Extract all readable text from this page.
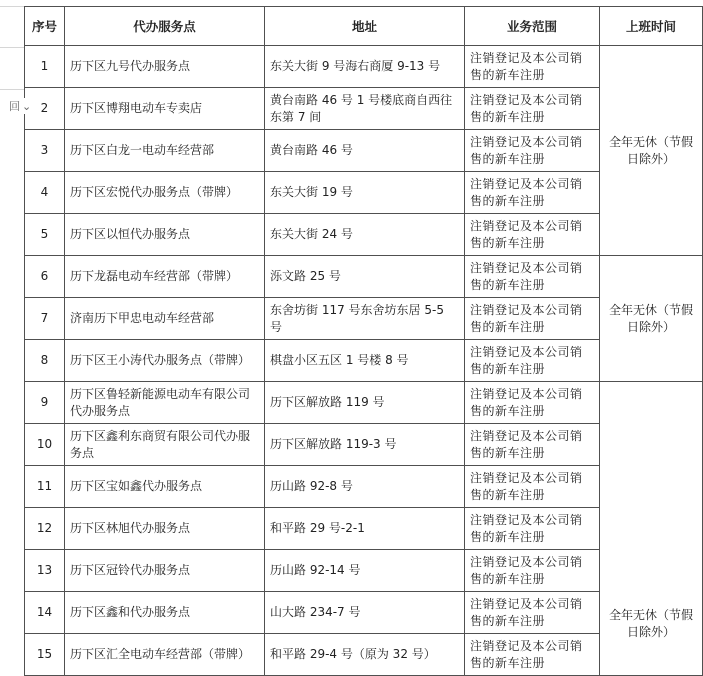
序号	代办服务点	地址	业务范围	上班时间
1	历下区九号代办服务点	东关大街 9 号海右商厦 9-13 号	注销登记及本公司销售的新车注册	全年无休（节假日除外）
2	历下区博翔电动车专卖店	黄台南路 46 号 1 号楼底商自西往东第 7 间	注销登记及本公司销售的新车注册	
3	历下区白龙一电动车经营部	黄台南路 46 号	注销登记及本公司销售的新车注册	
4	历下区宏悦代办服务点（带牌）	东关大街 19 号	注销登记及本公司销售的新车注册	
5	历下区以恒代办服务点	东关大街 24 号	注销登记及本公司销售的新车注册	
6	历下龙磊电动车经营部（带牌）	泺文路 25 号	注销登记及本公司销售的新车注册	全年无休（节假日除外）
7	济南历下甲忠电动车经营部	东舍坊街 117 号东舍坊东居 5-5 号	注销登记及本公司销售的新车注册	
8	历下区王小涛代办服务点（带牌）	棋盘小区五区 1 号楼 8 号	注销登记及本公司销售的新车注册	
9	历下区鲁轻新能源电动车有限公司代办服务点	历下区解放路 119 号	注销登记及本公司销售的新车注册	全年无休（节假日除外）
10	历下区鑫利东商贸有限公司代办服务点	历下区解放路 119-3 号	注销登记及本公司销售的新车注册	
11	历下区宝如鑫代办服务点	历山路 92-8 号	注销登记及本公司销售的新车注册	
12	历下区林旭代办服务点	和平路 29 号-2-1	注销登记及本公司销售的新车注册	
13	历下区冠铃代办服务点	历山路 92-14 号	注销登记及本公司销售的新车注册	
14	历下区鑫和代办服务点	山大路 234-7 号	注销登记及本公司销售的新车注册	
15	历下区汇全电动车经营部（带牌）	和平路 29-4 号（原为 32 号）	注销登记及本公司销售的新车注册	
回 ⌄
